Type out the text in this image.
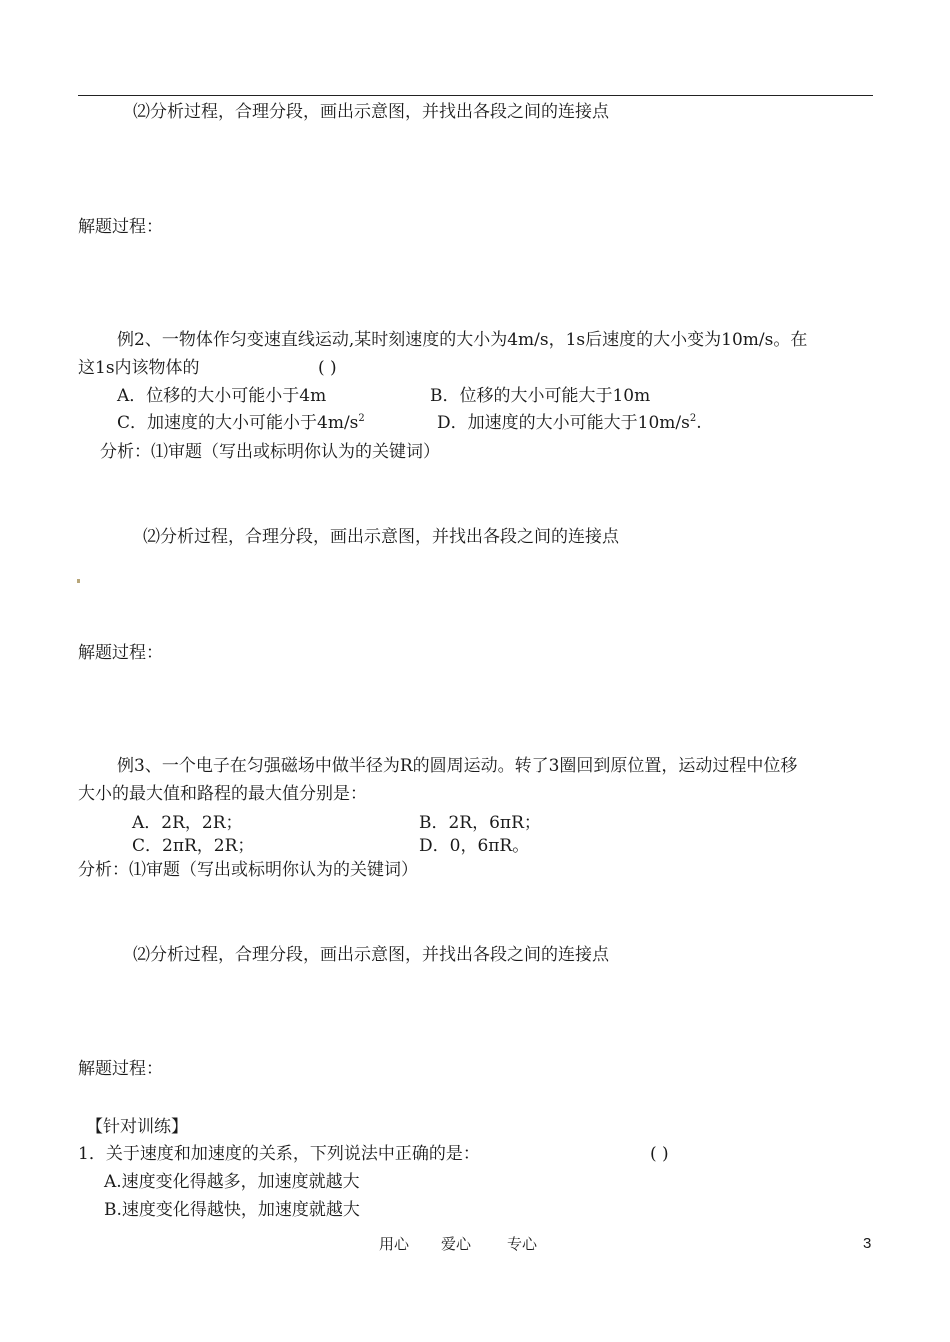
⑵分析过程，合理分段，画出示意图，并找出各段之间的连接点
解题过程：
例2、一物体作匀变速直线运动,某时刻速度的大小为4m/s，1s后速度的大小变为10m/s。在
这1s内该物体的	( )
A．位移的大小可能小于4m	B．位移的大小可能大于10m
C．加速度的大小可能小于$4m/s^2$	D．加速度的大小可能大于$10m/s^2$.
分析：⑴审题（写出或标明你认为的关键词）
⑵分析过程，合理分段，画出示意图，并找出各段之间的连接点
解题过程：
例3、一个电子在匀强磁场中做半径为R的圆周运动。转了3圈回到原位置，运动过程中位移
大小的最大值和路程的最大值分别是：
A．2R，2R；	B．2R，6πR；
C．2πR，2R；	D．0，6πR。
分析：⑴审题（写出或标明你认为的关键词）
⑵分析过程，合理分段，画出示意图，并找出各段之间的连接点
解题过程：
【针对训练】
1．关于速度和加速度的关系，下列说法中正确的是：	( )
A.速度变化得越多，加速度就越大
B.速度变化得越快，加速度就越大
用心 爱心 专心	3
